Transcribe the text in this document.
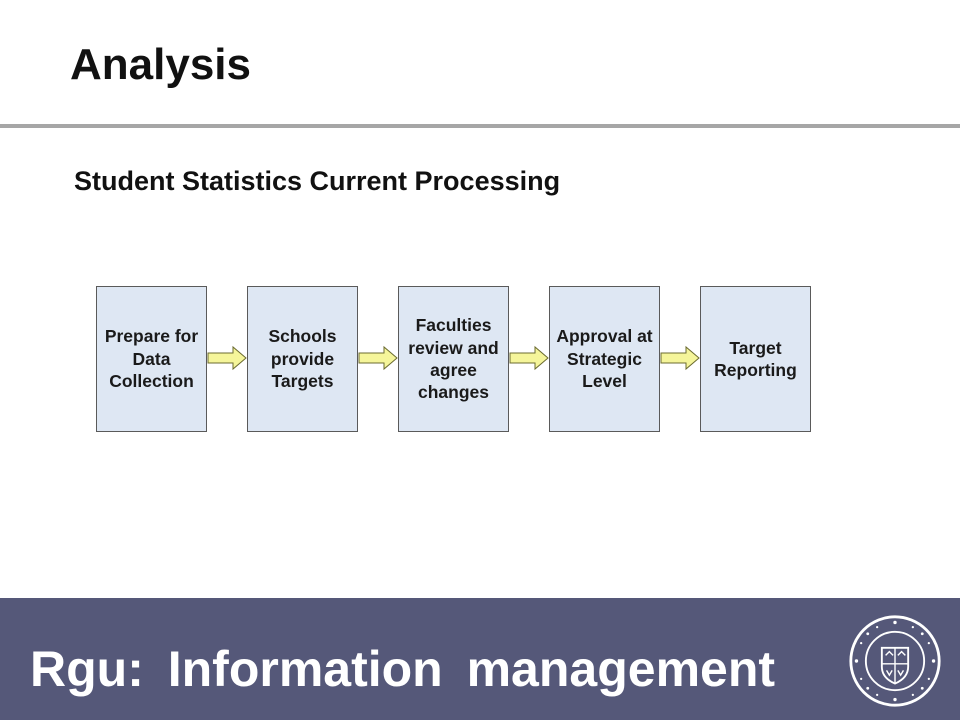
Analysis
Student Statistics Current Processing
Prepare for
Data
Collection
Schools
provide
Targets
Faculties
review and
agree
changes
Approval at
Strategic
Level
Target
Reporting
Rgu: Information management
